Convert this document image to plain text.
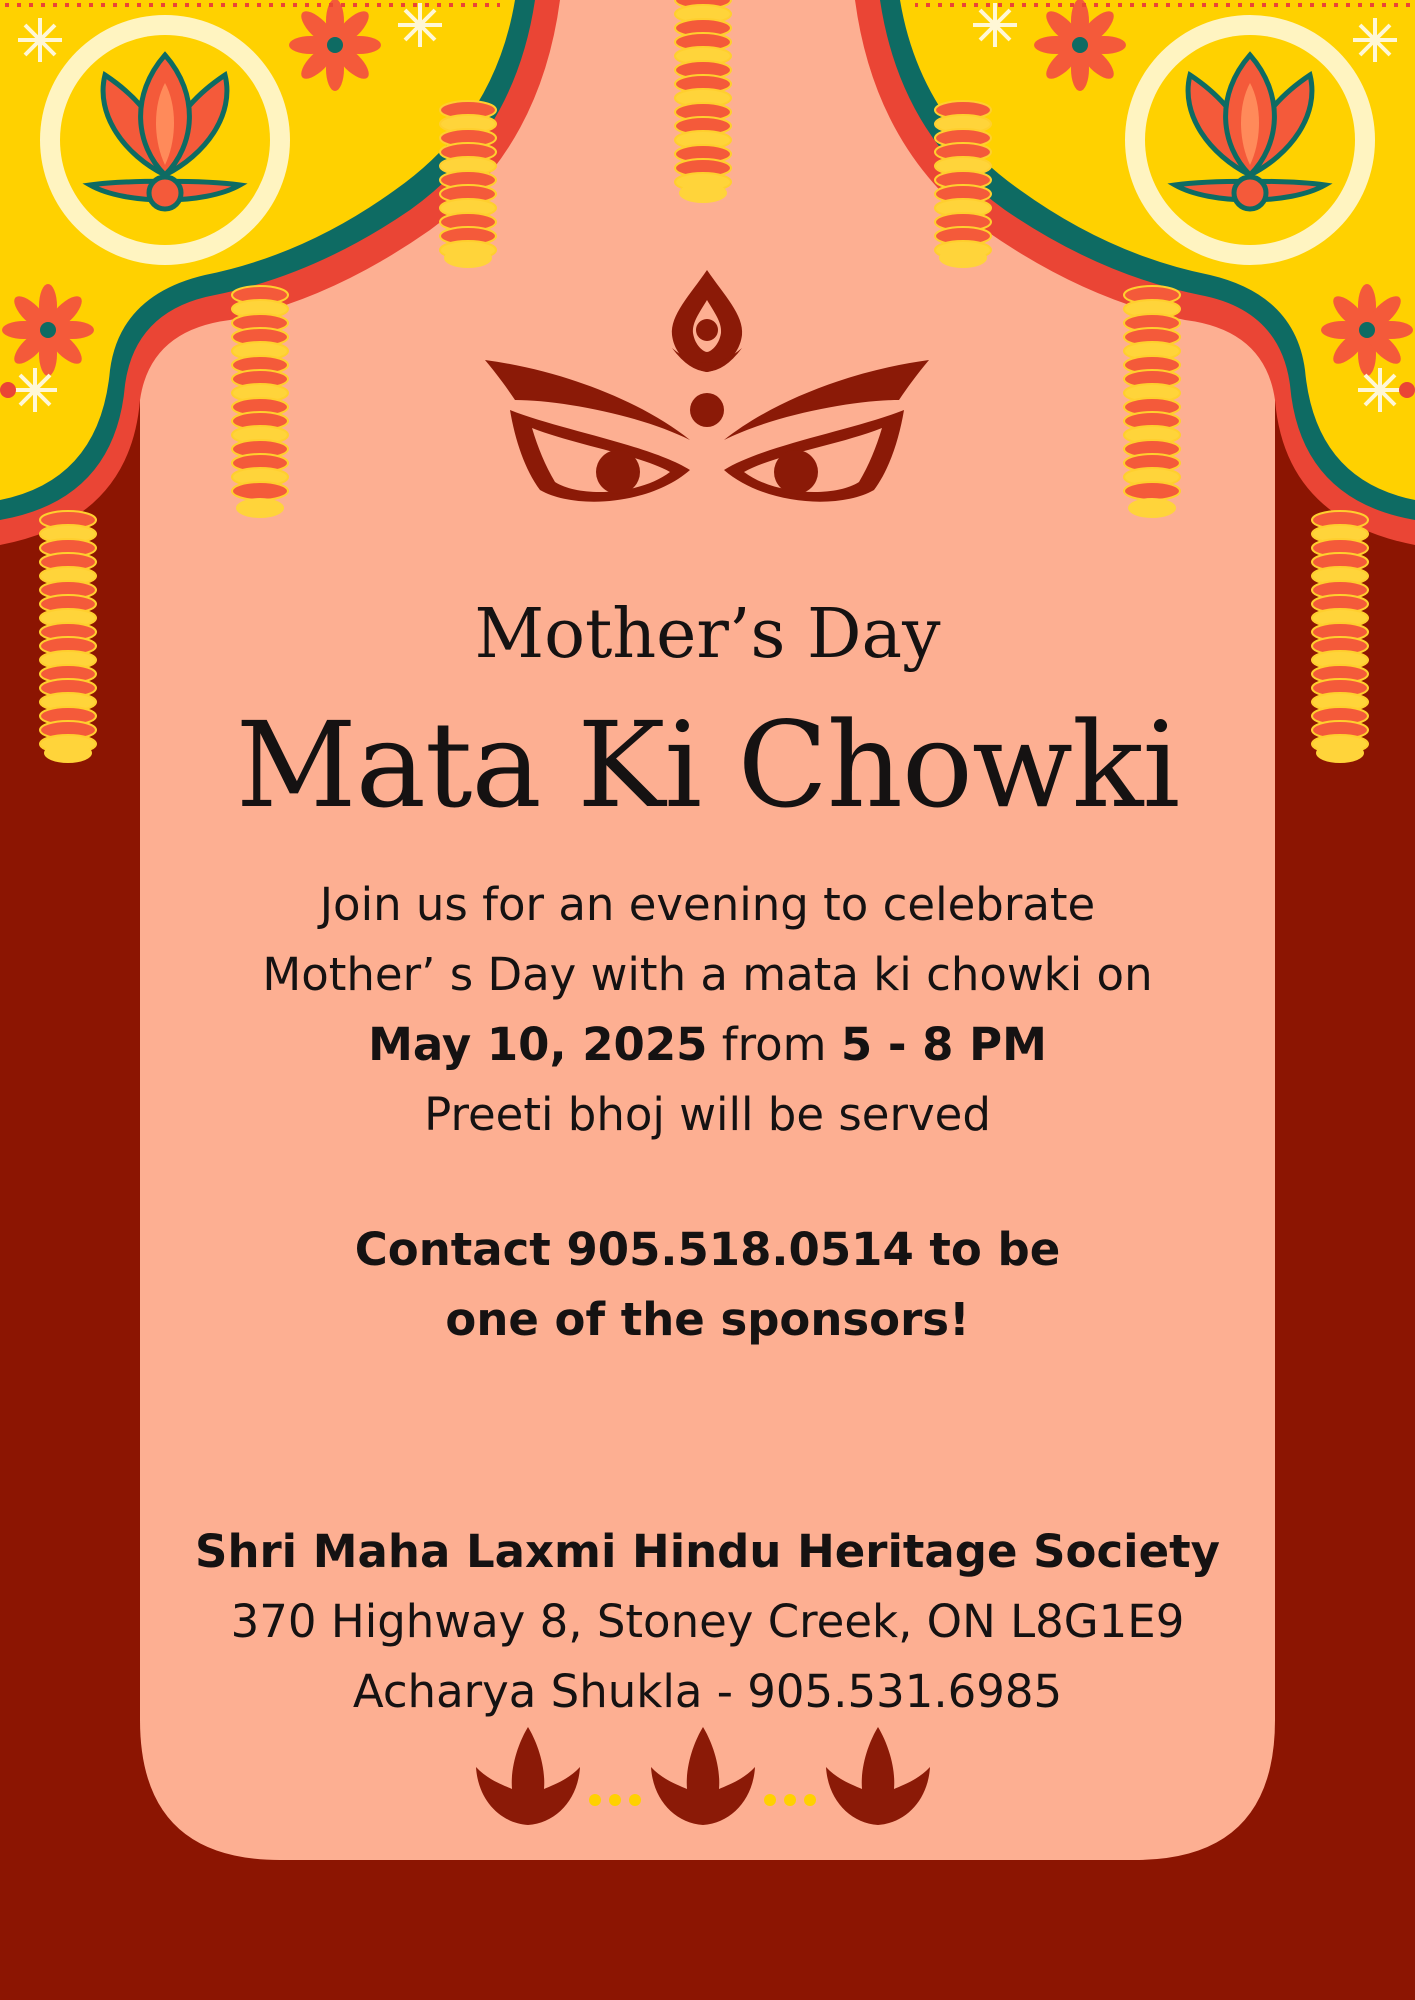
Mother’s Day
Mata Ki Chowki
Join us for an evening to celebrate
Mother’ s Day with a mata ki chowki on
May 10, 2025 from 5 - 8 PM
Preeti bhoj will be served
Contact 905.518.0514 to be
one of the sponsors!
Shri Maha Laxmi Hindu Heritage Society
370 Highway 8, Stoney Creek, ON L8G1E9
Acharya Shukla - 905.531.6985
